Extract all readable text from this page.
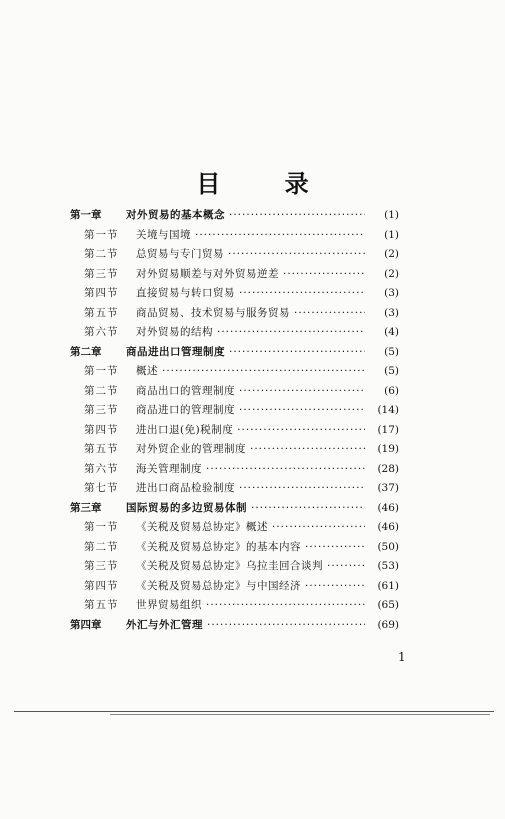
目 录
第一章	对外贸易的基本概念 ·····	(1)
第一节	关境与国境 ·····	(1)
第二节	总贸易与专门贸易 ·····	(2)
第三节	对外贸易顺差与对外贸易逆差 ·····	(2)
第四节	直接贸易与转口贸易 ·····	(3)
第五节	商品贸易、技术贸易与服务贸易 ·····	(3)
第六节	对外贸易的结构 ·····	(4)
第二章	商品进出口管理制度 ·····	(5)
第一节	概述 ·····	(5)
第二节	商品出口的管理制度 ·····	(6)
第三节	商品进口的管理制度 ·····	(14)
第四节	进出口退(免)税制度 ·····	(17)
第五节	对外贸企业的管理制度 ·····	(19)
第六节	海关管理制度 ·····	(28)
第七节	进出口商品检验制度 ·····	(37)
第三章	国际贸易的多边贸易体制 ·····	(46)
第一节	《关税及贸易总协定》概述 ·····	(46)
第二节	《关税及贸易总协定》的基本内容 ·····	(50)
第三节	《关税及贸易总协定》乌拉圭回合谈判 ·····	(53)
第四节	《关税及贸易总协定》与中国经济 ·····	(61)
第五节	世界贸易组织 ·····	(65)
第四章	外汇与外汇管理 ·····	(69)
1
